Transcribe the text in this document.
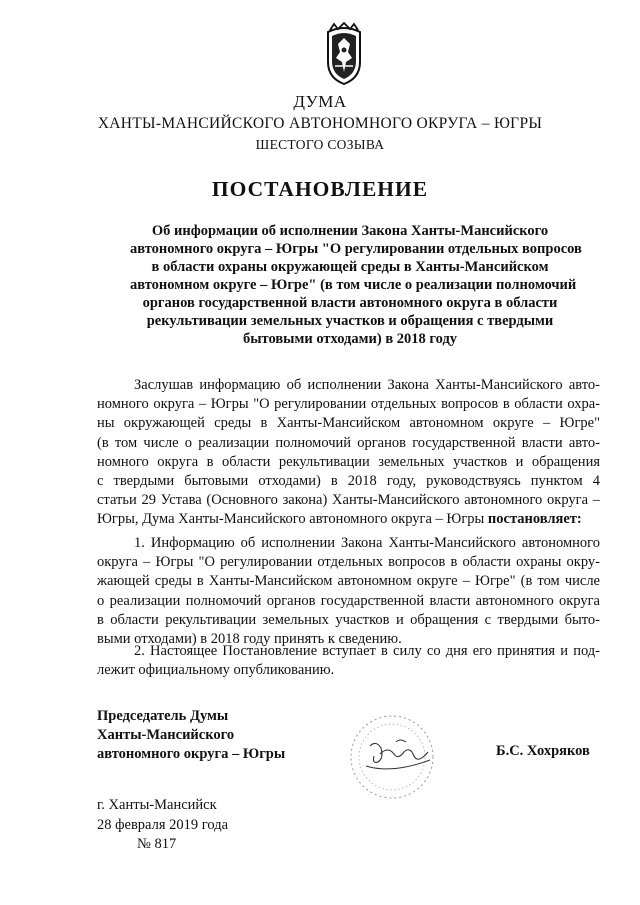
ДУМА
ХАНТЫ-МАНСИЙСКОГО АВТОНОМНОГО ОКРУГА – ЮГРЫ
ШЕСТОГО СОЗЫВА
ПОСТАНОВЛЕНИЕ
Об информации об исполнении Закона Ханты-Мансийского
автономного округа – Югры "О регулировании отдельных вопросов
в области охраны окружающей среды в Ханты-Мансийском
автономном округе – Югре" (в том числе о реализации полномочий
органов государственной власти автономного округа в области
рекультивации земельных участков и обращения с твердыми
бытовыми отходами) в 2018 году
Заслушав информацию об исполнении Закона Ханты-Мансийского авто-
номного округа – Югры "О регулировании отдельных вопросов в области охра-
ны окружающей среды в Ханты-Мансийском автономном округе – Югре"
(в том числе о реализации полномочий органов государственной власти авто-
номного округа в области рекультивации земельных участков и обращения
с твердыми бытовыми отходами) в 2018 году, руководствуясь пунктом 4
статьи 29 Устава (Основного закона) Ханты-Мансийского автономного округа –
Югры, Дума Ханты-Мансийского автономного округа – Югры постановляет:
1. Информацию об исполнении Закона Ханты-Мансийского автономного
округа – Югры "О регулировании отдельных вопросов в области охраны окру-
жающей среды в Ханты-Мансийском автономном округе – Югре" (в том числе
о реализации полномочий органов государственной власти автономного округа
в области рекультивации земельных участков и обращения с твердыми быто-
выми отходами) в 2018 году принять к сведению.
2. Настоящее Постановление вступает в силу со дня его принятия и под-
лежит официальному опубликованию.
Председатель Думы
Ханты-Мансийского
автономного округа – Югры	Б.С. Хохряков
г. Ханты-Мансийск
28 февраля 2019 года
№ 817
